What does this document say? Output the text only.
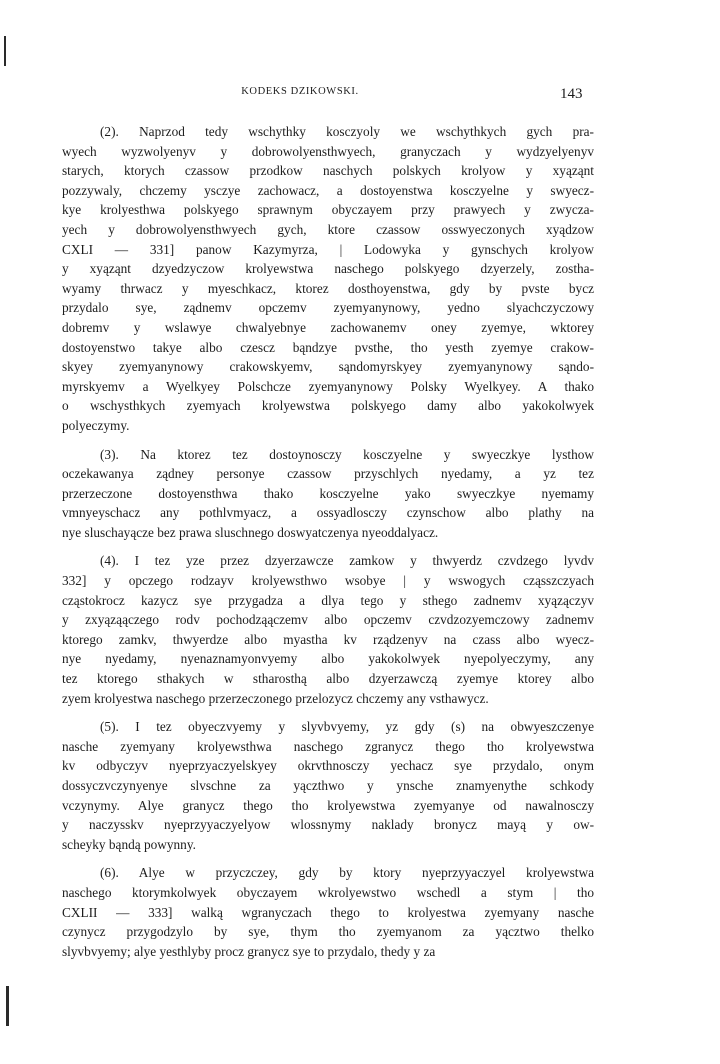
KODEKS DZIKOWSKI.	143
(2). Naprzod tedy wschythky kosczyoly we wschythkych gych pra-
wyech wyzwolyenyv y dobrowolyensthwyech, granyczach y wydzyelyenyv
starych, ktorych czassow przodkow naschych polskych krolyow y xyąząnt
pozzywaly, chczemy ysczye zachowacz, a dostoyenstwa kosczyelne y swyecz-
kye krolyesthwa polskyego sprawnym obyczayem przy prawyech y zwycza-
yech y dobrowolyensthwyech gych, ktore czassow osswyeczonych xyądzow
CXLI — 331] panow Kazymyrza, | Lodowyka y gynschych krolyow
y xyąząnt dzyedzyczow krolyewstwa naschego polskyego dzyerzely, zostha-
wyamy thrwacz y myeschkacz, ktorez dosthoyenstwa, gdy by pvste bycz
przydalo sye, ządnemv opczemv zyemyanynowy, yedno slyachczyczowy
dobremv y wslawye chwalyebnye zachowanemv oney zyemye, wktorey
dostoyenstwo takye albo czescz bąndzye pvsthe, tho yesth zyemye crakow-
skyey zyemyanynowy crakowskyemv, sąndomyrskyey zyemyanynowy sąndo-
myrskyemv a Wyelkyey Polschcze zyemyanynowy Polsky Wyelkyey. A thako
o wschysthkych zyemyach krolyewstwa polskyego damy albo yakokolwyek
polyeczymy.
(3). Na ktorez tez dostoynosczy kosczyelne y swyeczkye lysthow
oczekawanya ządney personye czassow przyschlych nyedamy, a yz tez
przerzeczone dostoyensthwa thako kosczyelne yako swyeczkye nyemamy
vmnyeyschacz any pothlvmyacz, a ossyadlosczy czynschow albo plathy na
nye sluschayącze bez prawa sluschnego doswyatczenya nyeoddalyacz.
(4). I tez yze przez dzyerzawcze zamkow y thwyerdz czvdzego lyvdv
332] y opczego rodzayv krolyewsthwo wsobye | y wswogych cząsszczyach
cząstokrocz kazycz sye przygadza a dlya tego y sthego zadnemv xyązączyv
y zxyąząączego rodv pochodząączemv albo opczemv czvdzozyemczowy zadnemv
ktorego zamkv, thwyerdze albo myastha kv rządzenyv na czass albo wyecz-
nye nyedamy, nyenaznamyonvyemy albo yakokolwyek nyepolyeczymy, any
tez ktorego sthakych w stharosthą albo dzyerzawczą zyemye ktorey albo
zyem krolyestwa naschego przerzeczonego przelozycz chczemy any vsthawycz.
(5). I tez obyeczvyemy y slyvbvyemy, yz gdy (s) na obwyeszczenye
nasche zyemyany krolyewsthwa naschego zgranycz thego tho krolyewstwa
kv odbyczyv nyeprzyaczyelskyey okrvthnosczy yechacz sye przydalo, onym
dossyczvczynyenye slvschne za yączthwo y ynsche znamyenythe schkody
vczynymy. Alye granycz thego tho krolyewstwa zyemyanye od nawalnosczy
y naczysskv nyeprzyyaczyelyow wlossnymy naklady bronycz mayą y ow-
scheyky bąndą powynny.
(6). Alye w przyczczey, gdy by ktory nyeprzyyaczyel krolyewstwa
naschego ktorymkolwyek obyczayem wkrolyewstwo wschedl a stym | tho
CXLII — 333] walką wgranyczach thego to krolyestwa zyemyany nasche
czynycz przygodzylo by sye, thym tho zyemyanom za yącztwo thelko
slyvbvyemy; alye yesthlyby procz granycz sye to przydalo, thedy y za
